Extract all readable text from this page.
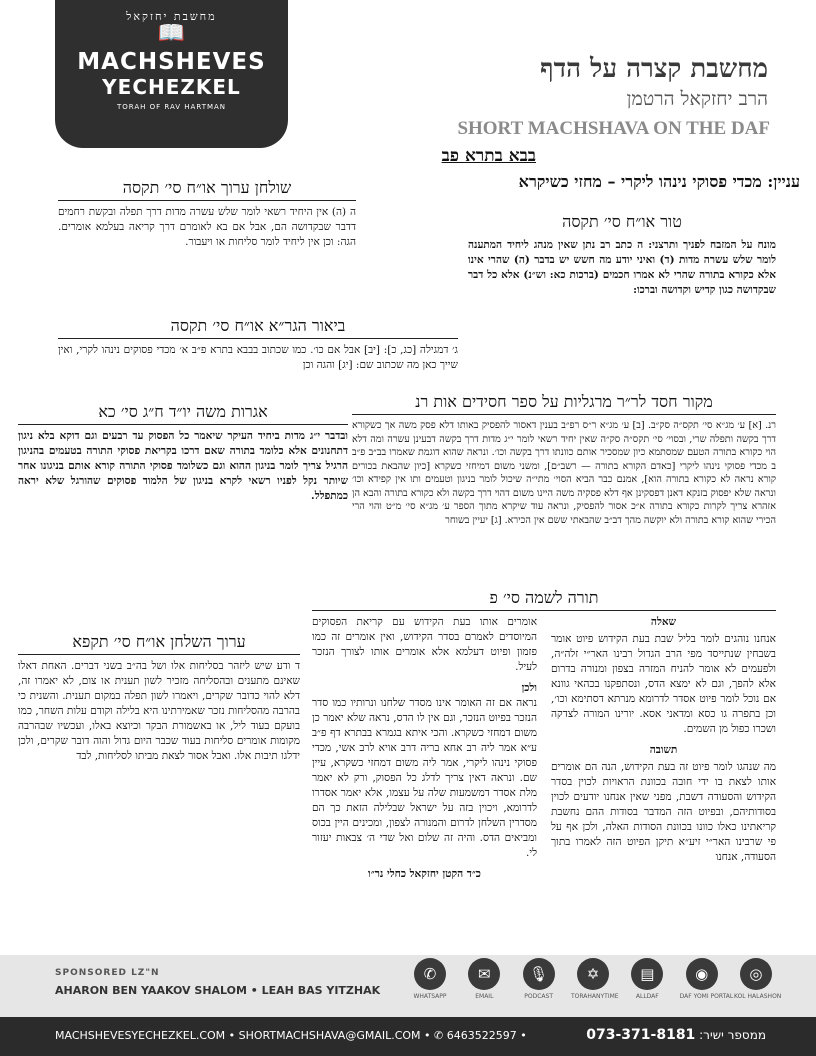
מחשבת יחזקאל
📖
MACHSHEVES
YECHEZKEL
TORAH OF RAV HARTMAN
מחשבת קצרה על הדף
הרב יחזקאל הרטמן
SHORT MACHSHAVA ON THE DAF
בבא בתרא פב
עניין: מכדי פסוקי נינהו ליקרי – מחזי כשיקרא
שולחן ערוך או״ח סי׳ תקסה

ה (ה) אין היחיד רשאי לומר שלש עשרה מדות דרך תפלה ובקשת רחמים דדבר שבקדושה הם, אבל אם בא לאומרם דרך קריאה בעלמא אומרים. הגה: וכן אין ליחיד לומר סליחות או ויעבור.

טור או״ח סי׳ תקסה

מונח על המזבח לפניך ותרצני: ה כתב רב נתן שאין מנהג ליחיד המתענה לומר שלש עשרה מדות (ד) ואיני יודע מה חשש יש בדבר (ה) שהרי אינו אלא כקורא בתורה שהרי לא אמרו חכמים (ברכות כא: וש״נ) אלא כל דבר שבקדושה כגון קדיש וקדושה וברכו:

ביאור הגר״א או״ח סי׳ תקסה

ג׳ דמגילה [כג, כ]: [יב] אבל אם כו׳. כמו שכתוב בבבא בתרא פ״ב א׳ מכדי פסוקים נינהו לקרי, ואין שייך כאן מה שכתוב שם: [יג] והגה וכן

אגרות משה יו״ד ח״ג סי׳ כא

ובדבר י״ג מדות ביחיד העיקר שיאמר כל הפסוק עד רבעים וגם דוקא בלא ניגון דתחנונים אלא כלומד בתורה שאם דרכו בקריאת פסוקי התורה בטעמים בהניגון הרגיל צריך לומר בניגון ההוא וגם כשלומד פסוקי התורה קורא אותם בניגונו אחר שיותר נקל לפניו רשאי לקרא בניגון של הלמוד פסוקים שהורגל שלא יראה כמתפלל.

מקור חסד לר״ר מרגליות על ספר חסידים אות רנ

רנ. [א] ע׳ מג״א סי׳ תקס״ה סק״ב. [ב] ע׳ מג״א ר״ס רפ״ב בענין דאסור להפסיק באותו דלא פסק משה אך כשקורא דרך בקשה ותפלה שרי, ובסוי׳ סי׳ תקס״ה סק״ה שאין יחיד רשאי לומר י״ג מדות דרך בקשה דבעינן עשרה ומה דלא הוי כקורא בתורה הטעם שמסתמא כיון שמסכיר אותם כוונתו דרך בקשה וכו׳. ונראה שהוא דוגמת שאמרו בב״ב פ״ב ב מכדי פסוקי נינהו ליקרי [כאדם הקורא בתורה — רשב״ם], ומשני משום דמיחזי כשקרא [כיון שהבאת בכורים קורא נראה לא כקורא בתורה הוא], אמנם כבר הביא הסוי׳ מתי״ה שיכול לומר בניגון וטעמים ותו אין קפידא וכו׳ ונראה שלא יפסוק בזנקא דאנן דפסקינן אף דלא פסקיה משה היינו משום דהוי דרך בקשה ולא כקורא בתורה והבא הן אזהרא צריך לקרות כקורא בתורה א״כ אסור להפסיק, ונראה עוד שיקרא מתוך הספר ע׳ מג״א סי׳ מ״ט והוי הרי הכירי שהוא קורא בתורה ולא יוקשה מהך דב״ב שהבאתי ששם אין הכירא. [ג] יעיין בשוחר

ערוך השלחן או״ח סי׳ תקפא

ד ודע שיש ליזהר בסליחות אלו ושל בה״ב בשני דברים. האחת דאלו שאינם מתענים ובהסליחה מזכיר לשון תענית או צום, לא יאמרו זה, דלא להוי כדובר שקרים, ויאמרו לשון תפלה במקום תענית. והשנית כי בהרבה מהסליחות נזכר שאמירתינו היא בלילה וקודם עלות השחר, כמו בועקם בעוד ליל, או באשמורת הבקר וכיוצא באלו, ועכשיו שבהרבה מקומות אומרים סליחות בעוד שכבר היום גדול והוה דובר שקרים, ולכן ידלגו תיבות אלו. ואבל אסור לצאת מביתו לסליחות, לבד

תורה לשמה סי׳ פ

שאלה

אנחנו נוהגים לומר בליל שבת בעת הקידוש פיוט אומר בשבחין שנתייסד מפי הרב הגדול רבינו האר״י זלה״ה, ולפעמים לא אומר להניח המזרה בצפון ומנורה בדרום אלא להפך, וגם לא ימצא הדס, ונסתפקנו בכהאי גוונא אם נוכל לומר פיוט אסדר לדרומא מנרתא דסתימא וכו׳, וכן בתפרה גו כסא ומדאני אסא. יורינו המורה לצדקה ושכרו כפול מן השמים.

תשובה

מה שנהגו לומר פיוט זה בעת הקידוש, הנה הם אומרים אותו לצאת בו ידי חובה בכוונת הראויות לכוין בסדר הקידוש והסעודה דשבת, מפני שאין אנחנו יודעים לכוין בסודותיהם, ובפיוט הזה המדבר בסודות ההם נחשבת קריאתינו כאלו כוונו בכוונת הסודות האלה, ולכן אף על פי שרבינו האר״י זיע״א תיקן הפיוט הזה לאמרו בתוך הסעודה, אנחנו

אומרים אותו בעת הקידוש עם קריאת הפסוקים המיוסדים לאמרם בסדר הקידוש, ואין אומרים זה כמו פזמון ופיוט דעלמא אלא אומרים אותו לצורך הנזכר לעיל.

ולכן

נראה אם זה האומר אינו מסדר שלחנו ונרותיו כמו סדר הנזכר בפיוט הנזכר, וגם אין לו הדס, נראה שלא יאמר כן משום דמחזי כשקרא. והכי איתא בגמרא בבתרא דף פ״ב ע״א אמר ליה רב אחא בריה דרב אויא לרב אשי, מכדי פסוקי נינהו ליקרי, אמר ליה משום דמחזי כשקרא, עיין שם. ונראה דאין צריך לדלג כל הפסוק, ורק לא יאמר מלת אסדר דמשמעות שלה על עצמו, אלא יאמר אסדרו לדרומא, ויכוין בזה על ישראל שבלילה הזאת כך הם מסדרין השלחן לדרום והמנורה לצפון, ומכינים היין בכוס ומביאים הדס. והיה זה שלום ואל שדי ה׳ צבאות יעזור לי.

כ״ד הקטן יחזקאל כחלי נר״ו

SPONSORED LZ"N
AHARON BEN YAAKOV SHALOM • LEAH BAS YITZHAK
✆
WHATSAPP
✉
EMAIL
🎙
PODCAST
✡
TORAHANYTIME
▤
ALLDAF
◉
DAF YOMI PORTAL
◎
KOL HALASHON
MACHSHEVESYECHEZKEL.COM • SHORTMACHSHAVA@GMAIL.COM • ✆ 6463522597 •	ממספר ישיר: 073-371-8181
